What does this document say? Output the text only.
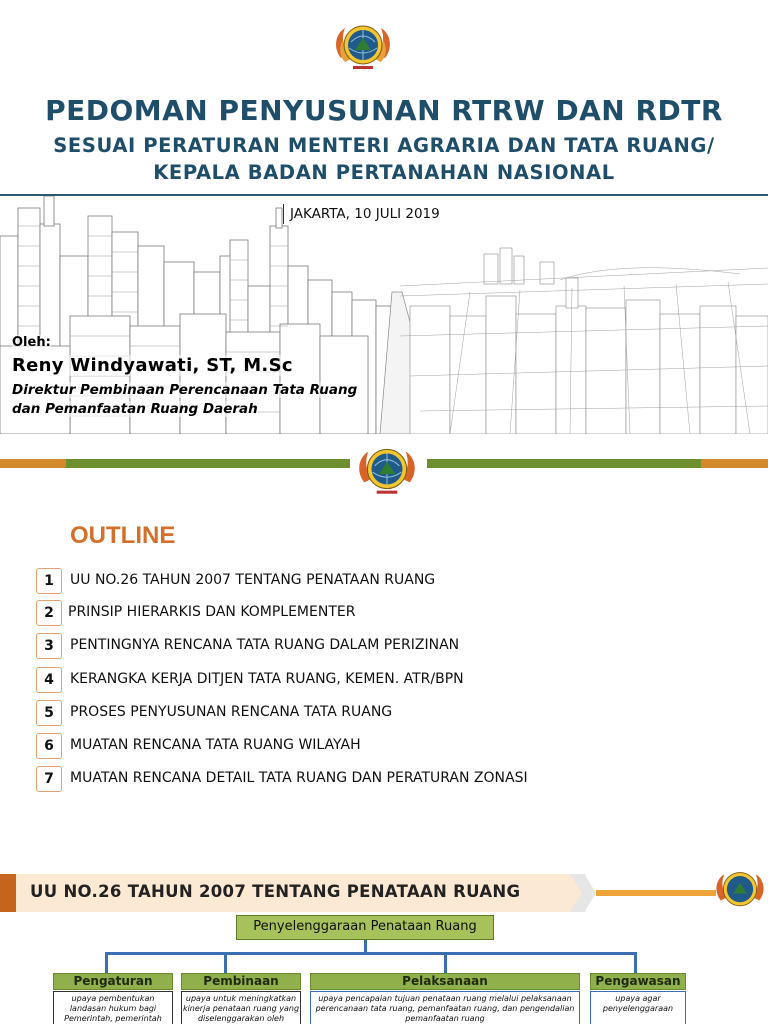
PEDOMAN PENYUSUNAN RTRW DAN RDTR
SESUAI PERATURAN MENTERI AGRARIA DAN TATA RUANG/
KEPALA BADAN PERTANAHAN NASIONAL
JAKARTA, 10 JULI 2019
Oleh:
Reny Windyawati, ST, M.Sc
Direktur Pembinaan Perencanaan Tata Ruang
dan Pemanfaatan Ruang Daerah
OUTLINE
1	UU NO.26 TAHUN 2007 TENTANG PENATAAN RUANG
2	PRINSIP HIERARKIS DAN KOMPLEMENTER
3	PENTINGNYA RENCANA TATA RUANG DALAM PERIZINAN
4	KERANGKA KERJA DITJEN TATA RUANG, KEMEN. ATR/BPN
5	PROSES PENYUSUNAN RENCANA TATA RUANG
6	MUATAN RENCANA TATA RUANG WILAYAH
7	MUATAN RENCANA DETAIL TATA RUANG DAN PERATURAN ZONASI
UU NO.26 TAHUN 2007 TENTANG PENATAAN RUANG
Penyelenggaraan Penataan Ruang
Pengaturan	Pembinaan	Pelaksanaan	Pengawasan
upaya pembentukan landasan hukum bagi Pemerintah, pemerintah
upaya untuk meningkatkan kinerja penataan ruang yang diselenggarakan oleh
upaya pencapaian tujuan penataan ruang melalui pelaksanaan perencanaan tata ruang, pemanfaatan ruang, dan pengendalian pemanfaatan ruang
upaya agar penyelenggaraan
